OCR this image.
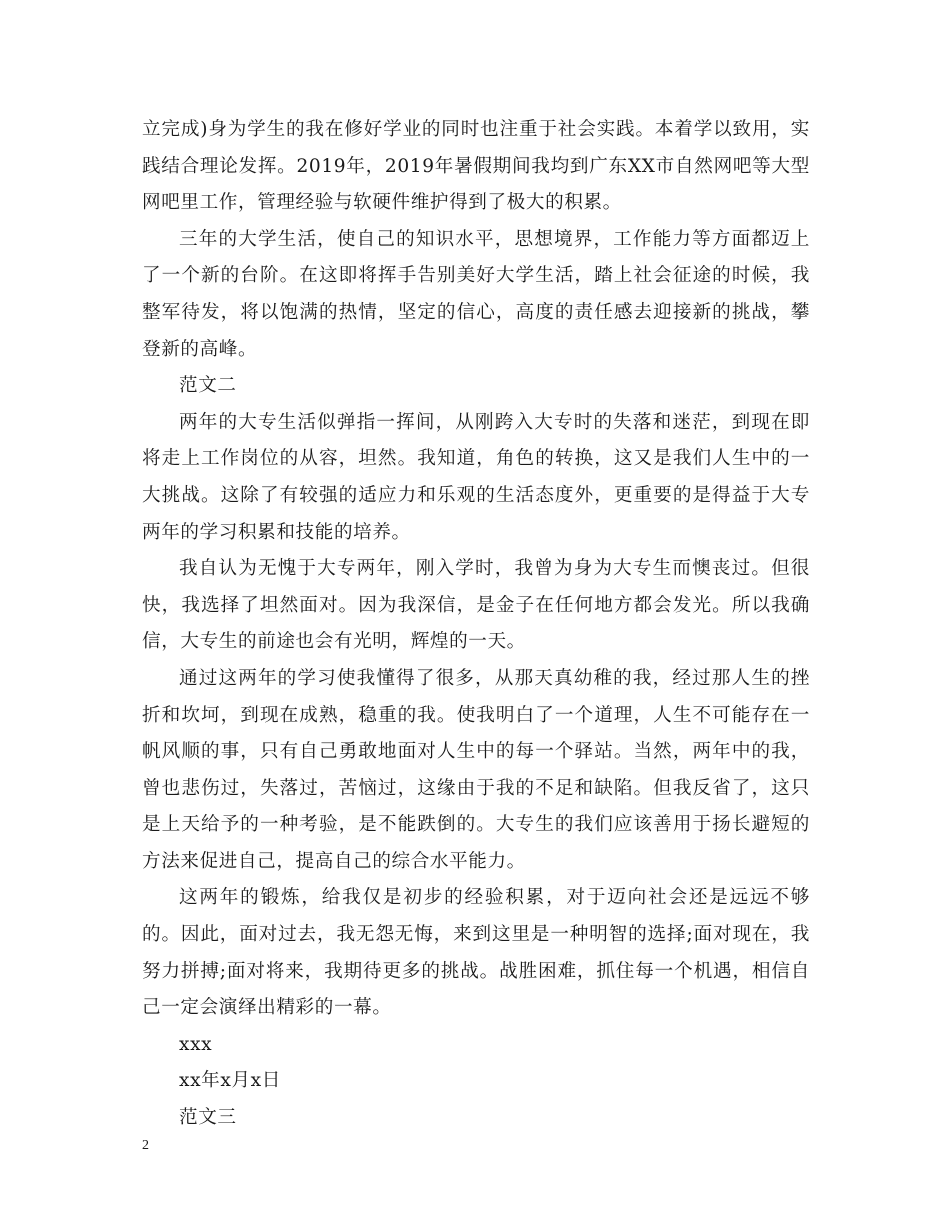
立完成)身为学生的我在修好学业的同时也注重于社会实践。本着学以致用，实践结合理论发挥。2019年，2019年暑假期间我均到广东XX市自然网吧等大型网吧里工作，管理经验与软硬件维护得到了极大的积累。

三年的大学生活，使自己的知识水平，思想境界，工作能力等方面都迈上了一个新的台阶。在这即将挥手告别美好大学生活，踏上社会征途的时候，我整军待发，将以饱满的热情，坚定的信心，高度的责任感去迎接新的挑战，攀登新的高峰。

范文二

两年的大专生活似弹指一挥间，从刚跨入大专时的失落和迷茫，到现在即将走上工作岗位的从容，坦然。我知道，角色的转换，这又是我们人生中的一大挑战。这除了有较强的适应力和乐观的生活态度外，更重要的是得益于大专两年的学习积累和技能的培养。

我自认为无愧于大专两年，刚入学时，我曾为身为大专生而懊丧过。但很快，我选择了坦然面对。因为我深信，是金子在任何地方都会发光。所以我确信，大专生的前途也会有光明，辉煌的一天。

通过这两年的学习使我懂得了很多，从那天真幼稚的我，经过那人生的挫折和坎坷，到现在成熟，稳重的我。使我明白了一个道理，人生不可能存在一帆风顺的事，只有自己勇敢地面对人生中的每一个驿站。当然，两年中的我，曾也悲伤过，失落过，苦恼过，这缘由于我的不足和缺陷。但我反省了，这只是上天给予的一种考验，是不能跌倒的。大专生的我们应该善用于扬长避短的方法来促进自己，提高自己的综合水平能力。

这两年的锻炼，给我仅是初步的经验积累，对于迈向社会还是远远不够的。因此，面对过去，我无怨无悔，来到这里是一种明智的选择;面对现在，我努力拼搏;面对将来，我期待更多的挑战。战胜困难，抓住每一个机遇，相信自己一定会演绎出精彩的一幕。

xxx

xx年x月x日

范文三

2
